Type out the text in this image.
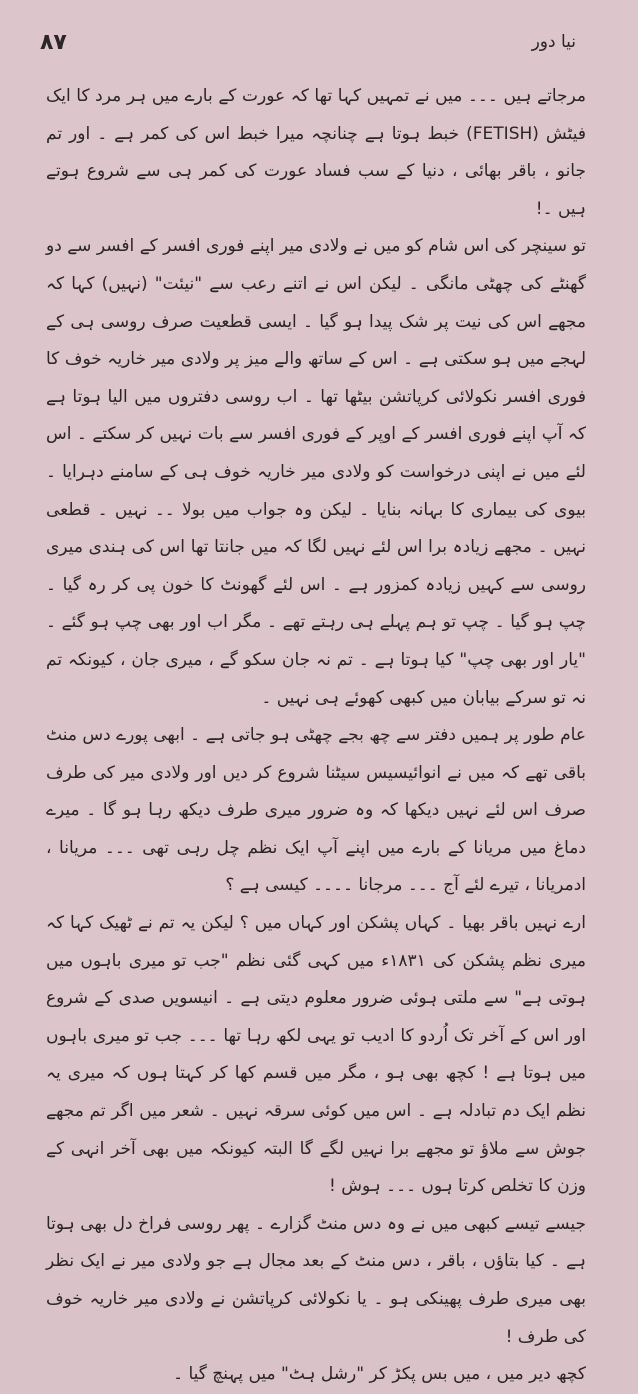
۸۷	نیا دور

مرجاتے ہیں ۔۔۔ میں نے تمہیں کہا تھا کہ عورت کے بارے میں ہر مرد کا ایک فیٹش (FETISH) خبط ہوتا ہے چنانچہ میرا خبط اس کی کمر ہے ۔ اور تم جانو ، باقر بھائی ، دنیا کے سب فساد عورت کی کمر ہی سے شروع ہوتے ہیں ۔!

تو سینچر کی اس شام کو میں نے ولادی میر اپنے فوری افسر کے افسر سے دو گھنٹے کی چھٹی مانگی ۔ لیکن اس نے اتنے رعب سے "نیئت" (نہیں) کہا کہ مجھے اس کی نیت پر شک پیدا ہو گیا ۔ ایسی قطعیت صرف روسی ہی کے لہجے میں ہو سکتی ہے ۔ اس کے ساتھ والے میز پر ولادی میر خاریہ خوف کا فوری افسر نکولائی کرپاتشن بیٹھا تھا ۔ اب روسی دفتروں میں الیا ہوتا ہے کہ آپ اپنے فوری افسر کے اوپر کے فوری افسر سے بات نہیں کر سکتے ۔ اس لئے میں نے اپنی درخواست کو ولادی میر خاریہ خوف ہی کے سامنے دہرایا ۔ بیوی کی بیماری کا بہانہ بنایا ۔ لیکن وہ جواب میں بولا ۔۔ نہیں ۔ قطعی نہیں ۔ مجھے زیادہ برا اس لئے نہیں لگا کہ میں جانتا تھا اس کی ہندی میری روسی سے کہیں زیادہ کمزور ہے ۔ اس لئے گھونٹ کا خون پی کر رہ گیا ۔ چپ ہو گیا ۔ چپ تو ہم پہلے ہی رہتے تھے ۔ مگر اب اور بھی چپ ہو گئے ۔ "یار اور بھی چپ" کیا ہوتا ہے ۔ تم نہ جان سکو گے ، میری جان ، کیونکہ تم نہ تو سرکے بیابان میں کبھی کھوئے ہی نہیں ۔

عام طور پر ہمیں دفتر سے چھ بجے چھٹی ہو جاتی ہے ۔ ابھی پورے دس منٹ باقی تھے کہ میں نے انوائیسیس سیٹنا شروع کر دیں اور ولادی میر کی طرف صرف اس لئے نہیں دیکھا کہ وہ ضرور میری طرف دیکھ رہا ہو گا ۔ میرے دماغ میں مریانا کے بارے میں اپنے آپ ایک نظم چل رہی تھی ۔۔۔ مریانا ، ادمریانا ، تیرے لئے آج ۔۔۔ مرجانا ۔۔۔۔ کیسی ہے ؟

ارے نہیں باقر بھیا ۔ کہاں پشکن اور کہاں میں ؟ لیکن یہ تم نے ٹھیک کہا کہ میری نظم پشکن کی ۱۸۳۱ء میں کہی گئی نظم "جب تو میری باہوں میں ہوتی ہے" سے ملتی ہوئی ضرور معلوم دیتی ہے ۔ انیسویں صدی کے شروع اور اس کے آخر تک اُردو کا ادیب تو یہی لکھ رہا تھا ۔۔۔ جب تو میری باہوں میں ہوتا ہے ! کچھ بھی ہو ، مگر میں قسم کھا کر کہتا ہوں کہ میری یہ نظم ایک دم تبادلہ ہے ۔ اس میں کوئی سرقہ نہیں ۔ شعر میں اگر تم مجھے جوش سے ملاؤ تو مجھے برا نہیں لگے گا البتہ کیونکہ میں بھی آخر انہی کے وزن کا تخلص کرتا ہوں ۔۔۔ ہوش !

جیسے تیسے کبھی میں نے وہ دس منٹ گزارے ۔ پھر روسی فراخ دل بھی ہوتا ہے ۔ کیا بتاؤں ، باقر ، دس منٹ کے بعد مجال ہے جو ولادی میر نے ایک نظر بھی میری طرف پھینکی ہو ۔ یا نکولائی کرپاتشن نے ولادی میر خاریہ خوف کی طرف !

کچھ دیر میں ، میں بس پکڑ کر "رشل ہٹ" میں پہنچ گیا ۔
